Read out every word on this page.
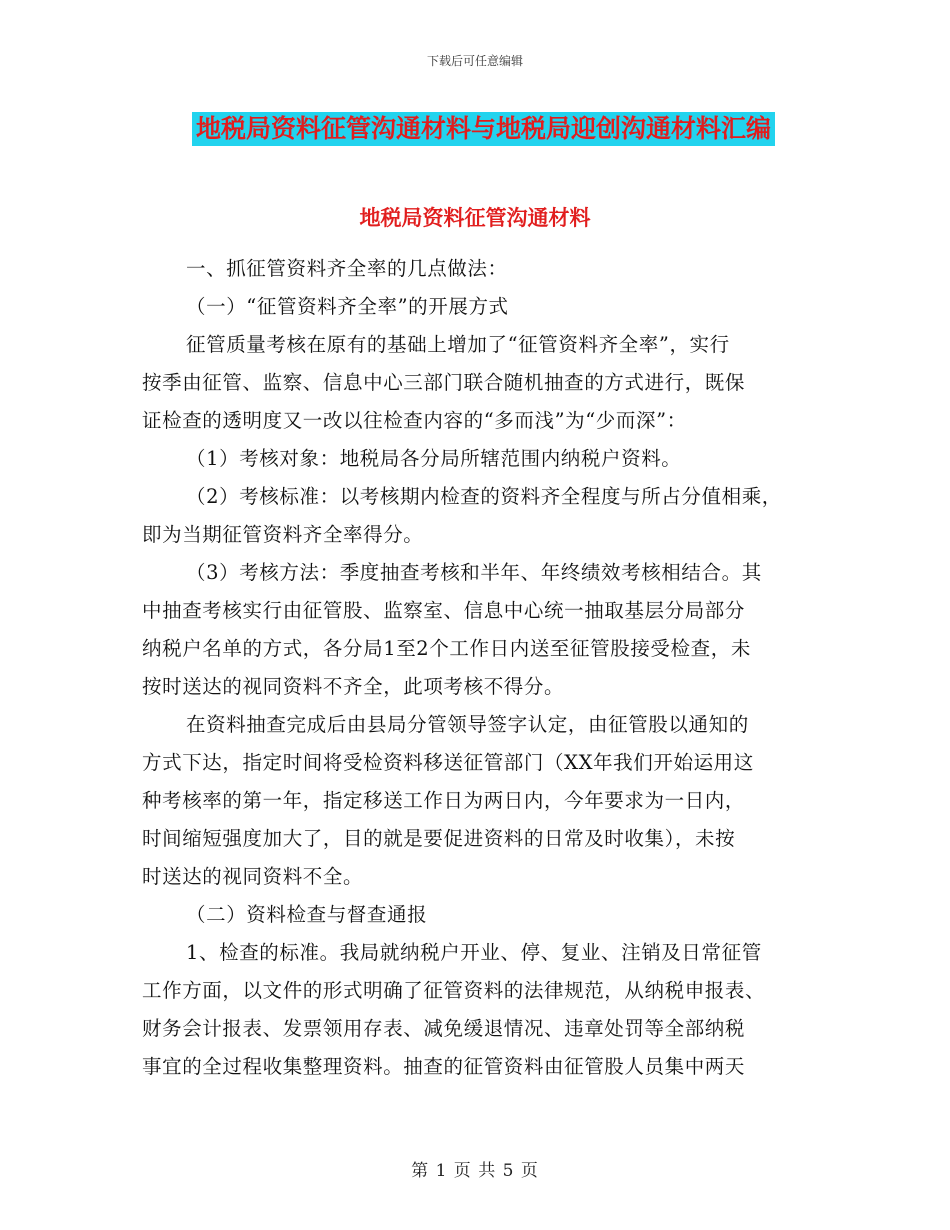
下载后可任意编辑
地税局资料征管沟通材料与地税局迎创沟通材料汇编
地税局资料征管沟通材料
一、抓征管资料齐全率的几点做法：
（一）“征管资料齐全率”的开展方式
征管质量考核在原有的基础上增加了“征管资料齐全率”，实行
按季由征管、监察、信息中心三部门联合随机抽查的方式进行，既保
证检查的透明度又一改以往检查内容的“多而浅”为“少而深”：
（1）考核对象：地税局各分局所辖范围内纳税户资料。
（2）考核标准：以考核期内检查的资料齐全程度与所占分值相乘，
即为当期征管资料齐全率得分。
（3）考核方法：季度抽查考核和半年、年终绩效考核相结合。其
中抽查考核实行由征管股、监察室、信息中心统一抽取基层分局部分
纳税户名单的方式，各分局1至2个工作日内送至征管股接受检查，未
按时送达的视同资料不齐全，此项考核不得分。
在资料抽查完成后由县局分管领导签字认定，由征管股以通知的
方式下达，指定时间将受检资料移送征管部门（XX年我们开始运用这
种考核率的第一年，指定移送工作日为两日内，今年要求为一日内，
时间缩短强度加大了，目的就是要促进资料的日常及时收集），未按
时送达的视同资料不全。
（二）资料检查与督查通报
1、检查的标准。我局就纳税户开业、停、复业、注销及日常征管
工作方面，以文件的形式明确了征管资料的法律规范，从纳税申报表、
财务会计报表、发票领用存表、减免缓退情况、违章处罚等全部纳税
事宜的全过程收集整理资料。抽查的征管资料由征管股人员集中两天
第 1 页 共 5 页
